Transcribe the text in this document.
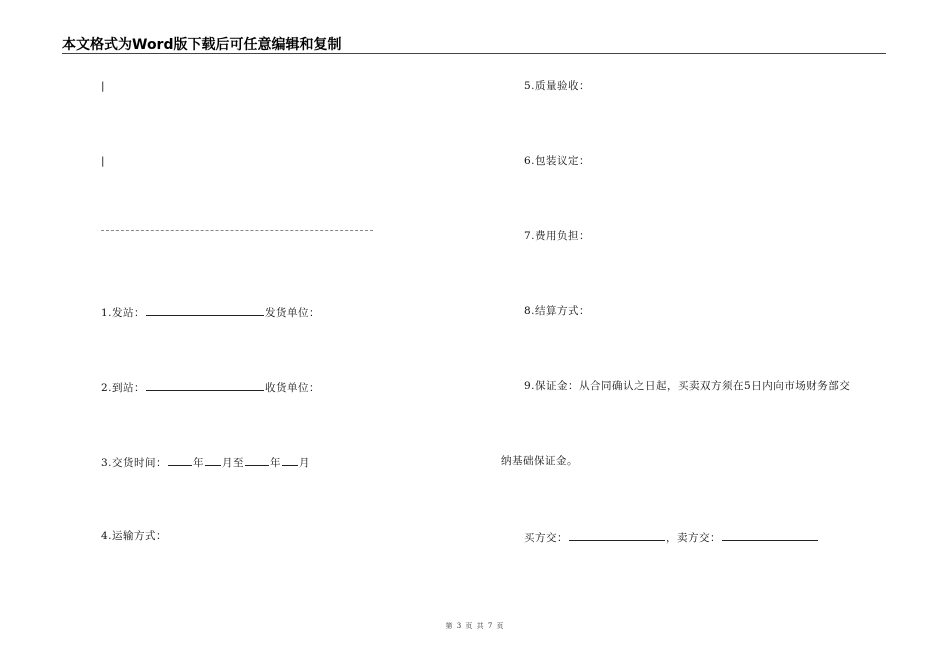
本文格式为Word版下载后可任意编辑和复制
|
|
1.发站：	发货单位：
2.到站：	收货单位：
3.交货时间： 年 月至 年 月
4.运输方式：
5.质量验收：
6.包装议定：
7.费用负担：
8.结算方式：
9.保证金：从合同确认之日起，买卖双方须在5日内向市场财务部交
纳基础保证金。
买方交：	，卖方交：
第 3 页 共 7 页
